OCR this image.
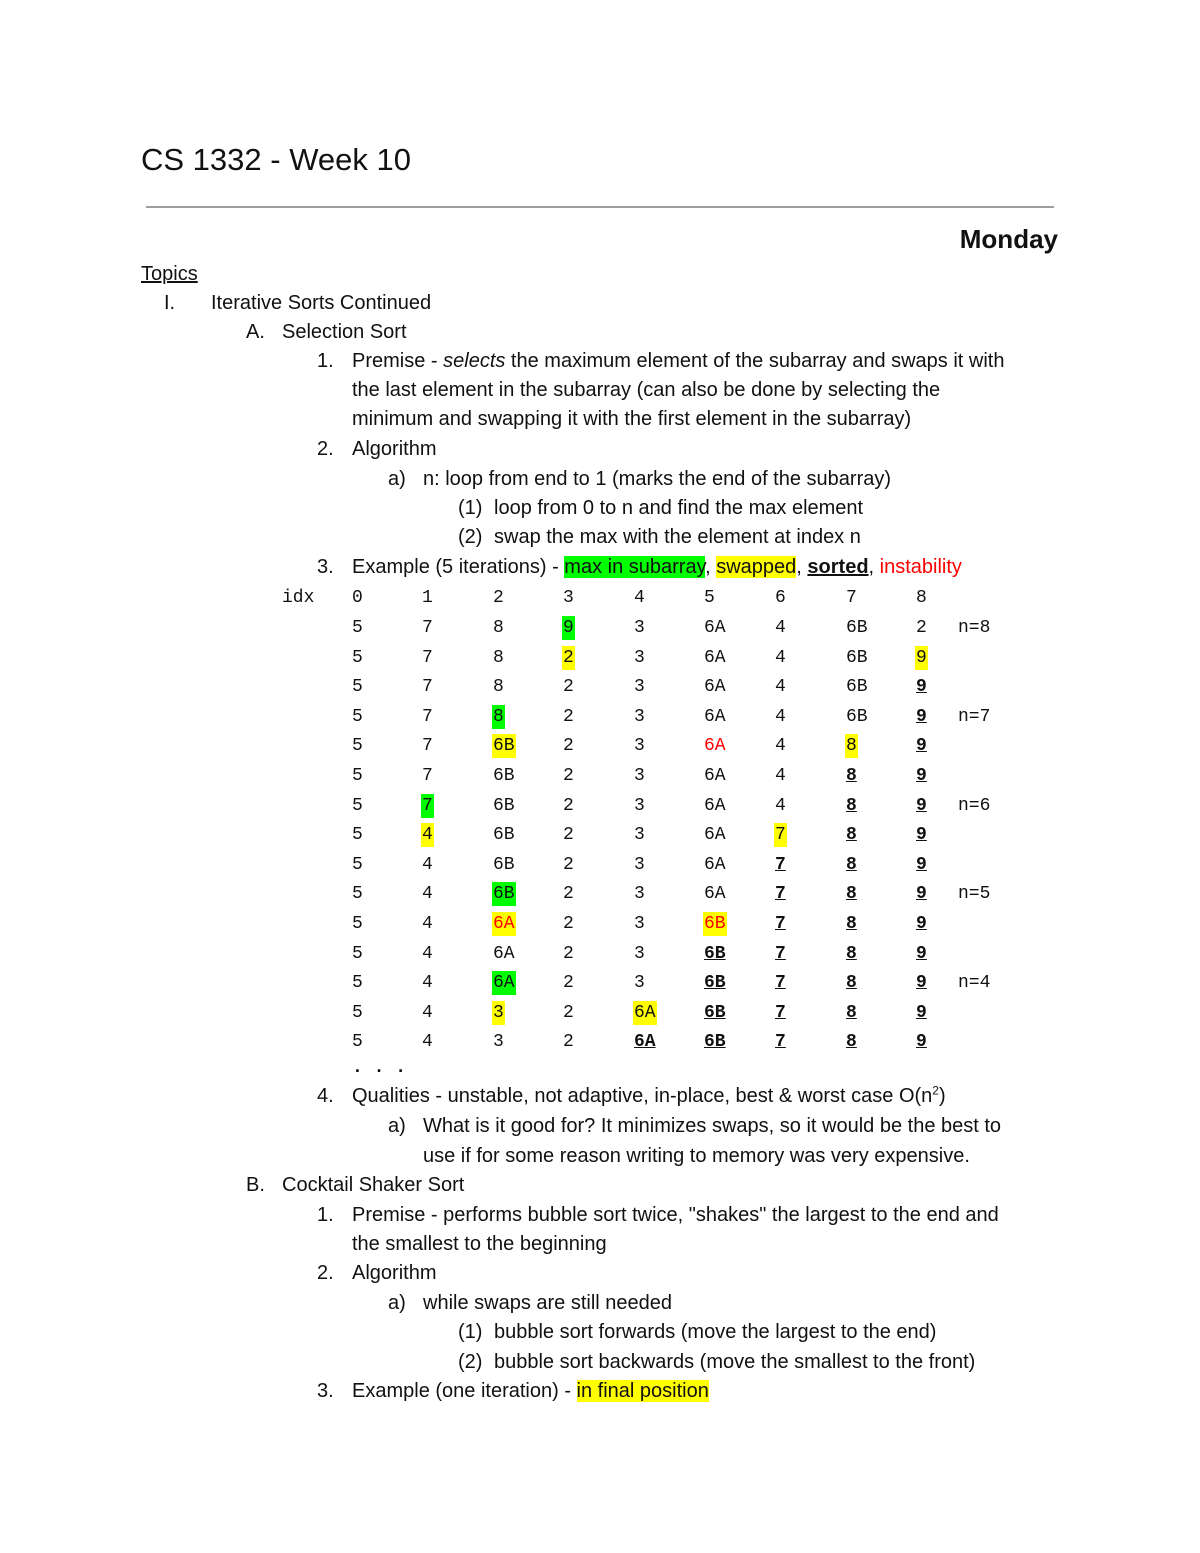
CS 1332 - Week 10
Monday
Topics
I. Iterative Sorts Continued
A. Selection Sort
1. Premise - selects the maximum element of the subarray and swaps it with
the last element in the subarray (can also be done by selecting the
minimum and swapping it with the first element in the subarray)
2. Algorithm
a) n: loop from end to 1 (marks the end of the subarray)
(1) loop from 0 to n and find the max element
(2) swap the max with the element at index n
3. Example (5 iterations) - max in subarray, swapped, sorted, instability
idx 0	1	2	3	4	5	6	7	8
5	7	8	9	3	6A	4	6B	2 n=8
5	7	8	2	3	6A	4	6B	9
5	7	8	2	3	6A	4	6B	9
5	7	8	2	3	6A	4	6B	9 n=7
5	7	6B	2	3	6A	4	8	9
5	7	6B	2	3	6A	4	8	9
5	7	6B	2	3	6A	4	8	9 n=6
5	4	6B	2	3	6A	7	8	9
5	4	6B	2	3	6A	7	8	9
5	4	6B	2	3	6A	7	8	9 n=5
5	4	6A	2	3	6B	7	8	9
5	4	6A	2	3	6B	7	8	9
5	4	6A	2	3	6B	7	8	9 n=4
5	4	3	2	6A	6B	7	8	9
5	4	3	2	6A	6B	7	8	9
. . .
4. Qualities - unstable, not adaptive, in-place, best & worst case $O(n^2)$
a) What is it good for? It minimizes swaps, so it would be the best to
use if for some reason writing to memory was very expensive.
B. Cocktail Shaker Sort
1. Premise - performs bubble sort twice, "shakes" the largest to the end and
the smallest to the beginning
2. Algorithm
a) while swaps are still needed
(1) bubble sort forwards (move the largest to the end)
(2) bubble sort backwards (move the smallest to the front)
3. Example (one iteration) - in final position
